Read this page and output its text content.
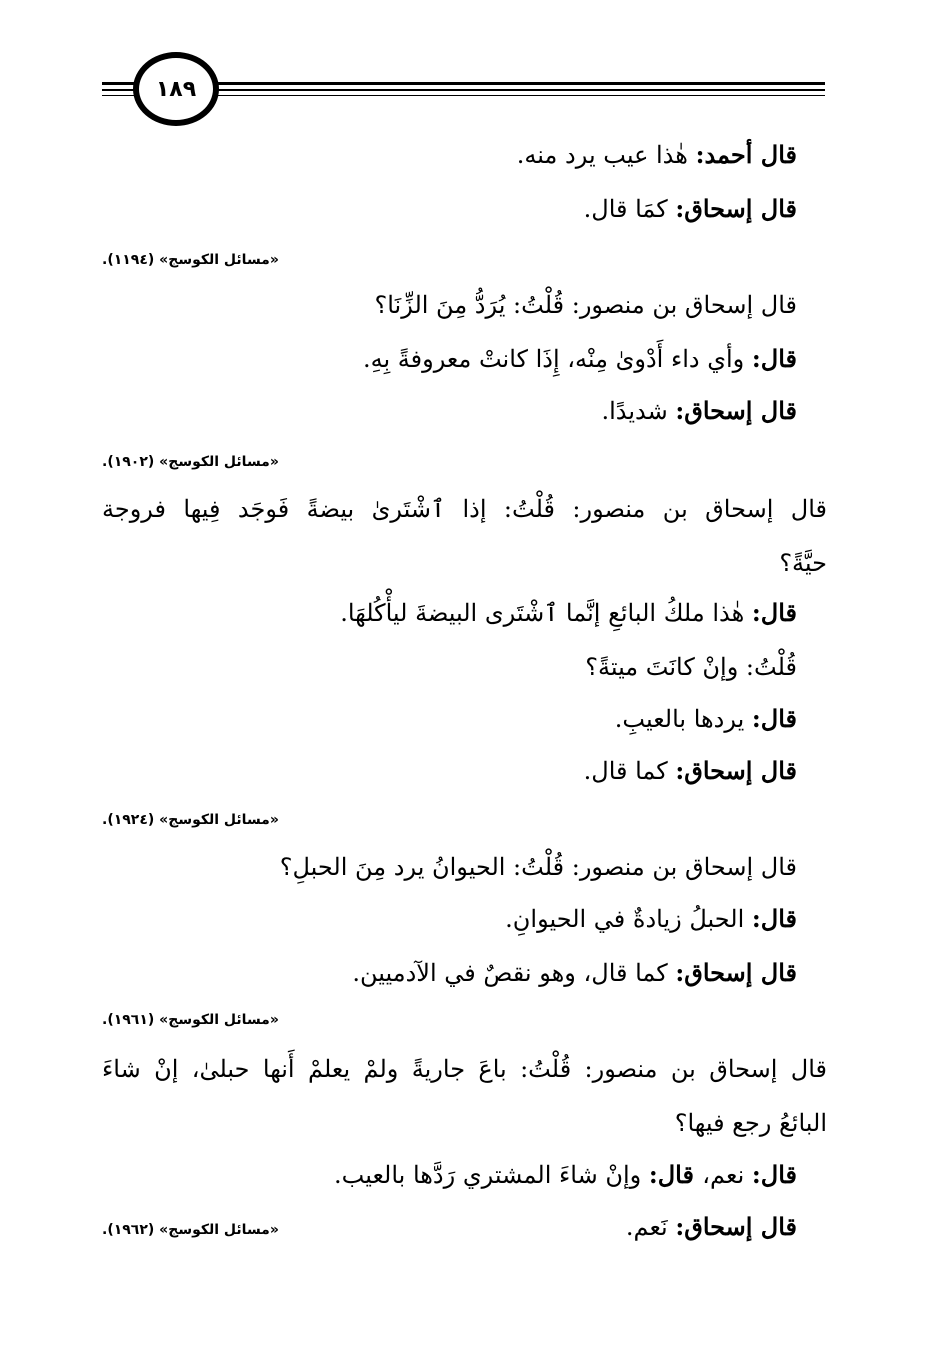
١٨٩
قال أحمد: هٰذا عيب يرد منه.
قال إسحاق: كمَا قال.
«مسائل الكوسج» (١١٩٤).
قال إسحاق بن منصور: قُلْتُ: يُرَدُّ مِنَ الزِّنَا؟
قال: وأي داء أَدْوىٰ مِنْه، إِذَا كانتْ معروفةً بِهِ.
قال إسحاق: شديدًا.
«مسائل الكوسج» (١٩٠٢).
قال إسحاق بن منصور: قُلْتُ: إذا ٱشْتَرىٰ بيضةً فَوجَد فِيها فروجة
حيَّةً؟
قال: هٰذا ملكُ البائعِ إنَّما ٱشْتَرى البيضةَ ليأْكُلهَا.
قُلْتُ: وإنْ كانَتَ ميتةً؟
قال: يردها بالعيبِ.
قال إسحاق: كما قال.
«مسائل الكوسج» (١٩٢٤).
قال إسحاق بن منصور: قُلْتُ: الحيوانُ يرد مِنَ الحبلِ؟
قال: الحبلُ زيادةٌ في الحيوانِ.
قال إسحاق: كما قال، وهو نقصٌ في الآدميين.
«مسائل الكوسج» (١٩٦١).
قال إسحاق بن منصور: قُلْتُ: باعَ جاريةً ولمْ يعلمْ أَنها حبلىٰ، إنْ شاءَ
البائعُ رجع فيها؟
قال: نعم، قال: وإنْ شاءَ المشتري رَدَّها بالعيب.
قال إسحاق: نَعم.
«مسائل الكوسج» (١٩٦٢).
